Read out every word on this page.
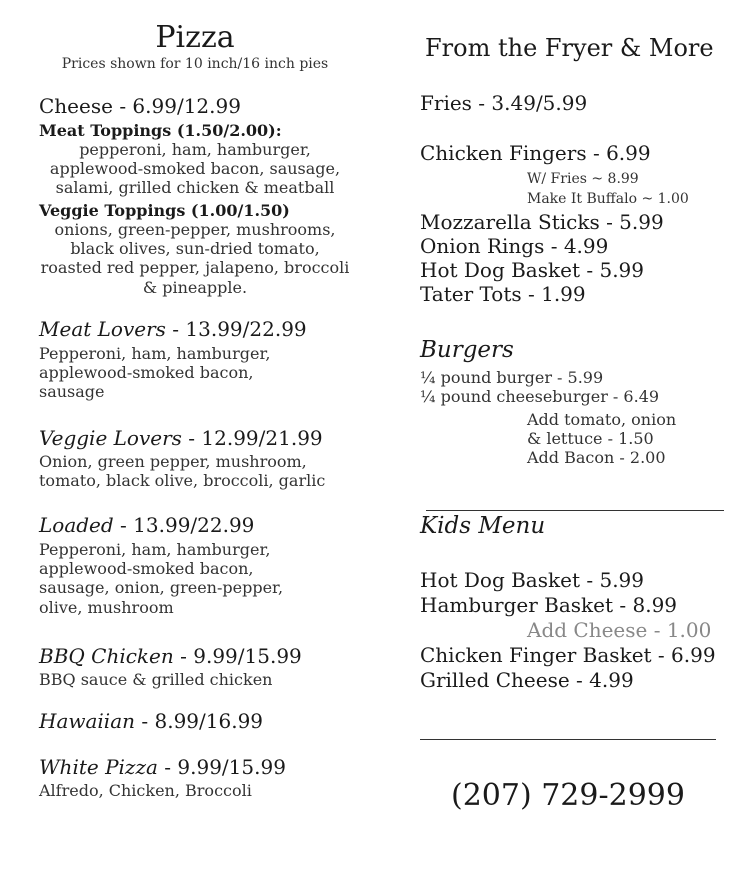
Pizza
Prices shown for 10 inch/16 inch pies
Cheese - 6.99/12.99
Meat Toppings (1.50/2.00):
pepperoni, ham, hamburger,
applewood-smoked bacon, sausage,
salami, grilled chicken & meatball
Veggie Toppings (1.00/1.50)
onions, green-pepper, mushrooms,
black olives, sun-dried tomato,
roasted red pepper, jalapeno, broccoli
& pineapple.
Meat Lovers - 13.99/22.99
Pepperoni, ham, hamburger,
applewood-smoked bacon,
sausage
Veggie Lovers - 12.99/21.99
Onion, green pepper, mushroom,
tomato, black olive, broccoli, garlic
Loaded - 13.99/22.99
Pepperoni, ham, hamburger,
applewood-smoked bacon,
sausage, onion, green-pepper,
olive, mushroom
BBQ Chicken - 9.99/15.99
BBQ sauce & grilled chicken
Hawaiian - 8.99/16.99
White Pizza - 9.99/15.99
Alfredo, Chicken, Broccoli
From the Fryer & More
Fries - 3.49/5.99
Chicken Fingers - 6.99
W/ Fries ~ 8.99
Make It Buffalo ~ 1.00
Mozzarella Sticks - 5.99
Onion Rings - 4.99
Hot Dog Basket - 5.99
Tater Tots - 1.99
Burgers
¼ pound burger - 5.99
¼ pound cheeseburger - 6.49
Add tomato, onion
& lettuce - 1.50
Add Bacon - 2.00
Kids Menu
Hot Dog Basket - 5.99
Hamburger Basket - 8.99
Add Cheese - 1.00
Chicken Finger Basket - 6.99
Grilled Cheese - 4.99
(207) 729-2999
